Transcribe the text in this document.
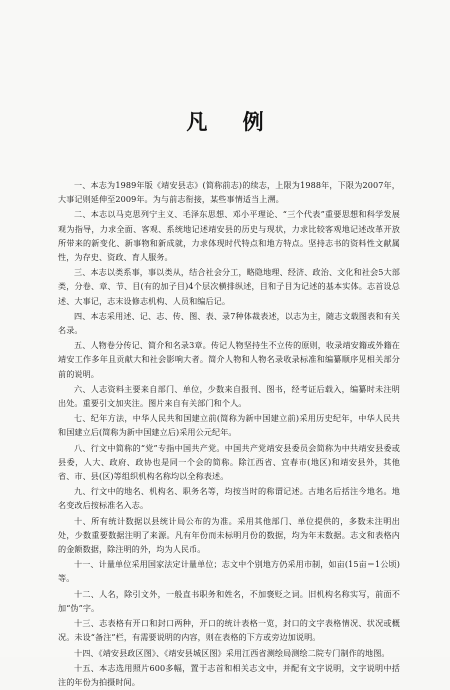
凡 例

一、本志为1989年版《靖安县志》(简称前志)的续志，上限为1988年，下限为2007年，大事记则延伸至2009年。为与前志衔接，某些事情适当上溯。

二、本志以马克思列宁主义、毛泽东思想、邓小平理论、“三个代表”重要思想和科学发展观为指导，力求全面、客观、系统地记述靖安县的历史与现状，力求比较客观地记述改革开放所带来的新变化、新事物和新成就，力求体现时代特点和地方特点。坚持志书的资料性文献属性，为存史、资政、育人服务。

三、本志以类系事，事以类从，结合社会分工，略隐地理、经济、政治、文化和社会5大部类，分卷、章、节、目(有的加子目)4个层次横排纵述，目和子目为记述的基本实体。志首设总述、大事记，志末设修志机构、人员和编后记。

四、本志采用述、记、志、传、图、表、录7种体裁表述，以志为主，随志文载图表和有关名录。

五、人物卷分传记、简介和名录3章。传记人物坚持生不立传的原则，收录靖安籍或外籍在靖安工作多年且贡献大和社会影响大者。简介人物和人物名录收录标准和编纂顺序见相关部分前的说明。

六、人志资料主要来自部门、单位，少数来自报刊、图书，经考证后载入，编纂时未注明出处。重要引文加夹注。图片来自有关部门和个人。

七、纪年方法，中华人民共和国建立前(简称为新中国建立前)采用历史纪年，中华人民共和国建立后(简称为新中国建立后)采用公元纪年。

八、行文中简称的“党”专指中国共产党。中国共产党靖安县委员会简称为中共靖安县委或县委，人大、政府、政协也是同一个会的简称。除江西省、宜春市(地区)和靖安县外，其他省、市、县(区)等组织机构名称均以全称表述。

九、行文中的地名、机构名、职务名等，均按当时的称谓记述。古地名后括注今地名。地名变改后按标准名入志。

十、所有统计数据以县统计局公布的为准。采用其他部门、单位提供的，多数未注明出处，少数重要数据注明了来源。凡有年份而未标明月份的数据，均为年末数据。志文和表格内的金额数据，除注明的外，均为人民币。

十一、计量单位采用国家法定计量单位；志文中个别地方仍采用市制，如亩(15亩＝1公顷)等。

十二、人名，除引文外，一般直书职务和姓名，不加褒贬之词。旧机构名称实写，前面不加“伪”字。

十三、志表格有开口和封口两种，开口的统计表格一览，封口的文字表格情况、状况或概况。未设“备注”栏，有需要说明的内容，则在表格的下方或旁边加说明。

十四、《靖安县政区图》、《靖安县城区图》采用江西省测绘局测绘二院专门制作的地图。

十五、本志选用照片600多幅，置于志首和相关志文中，并配有文字说明，文字说明中括注的年份为拍摄时间。
